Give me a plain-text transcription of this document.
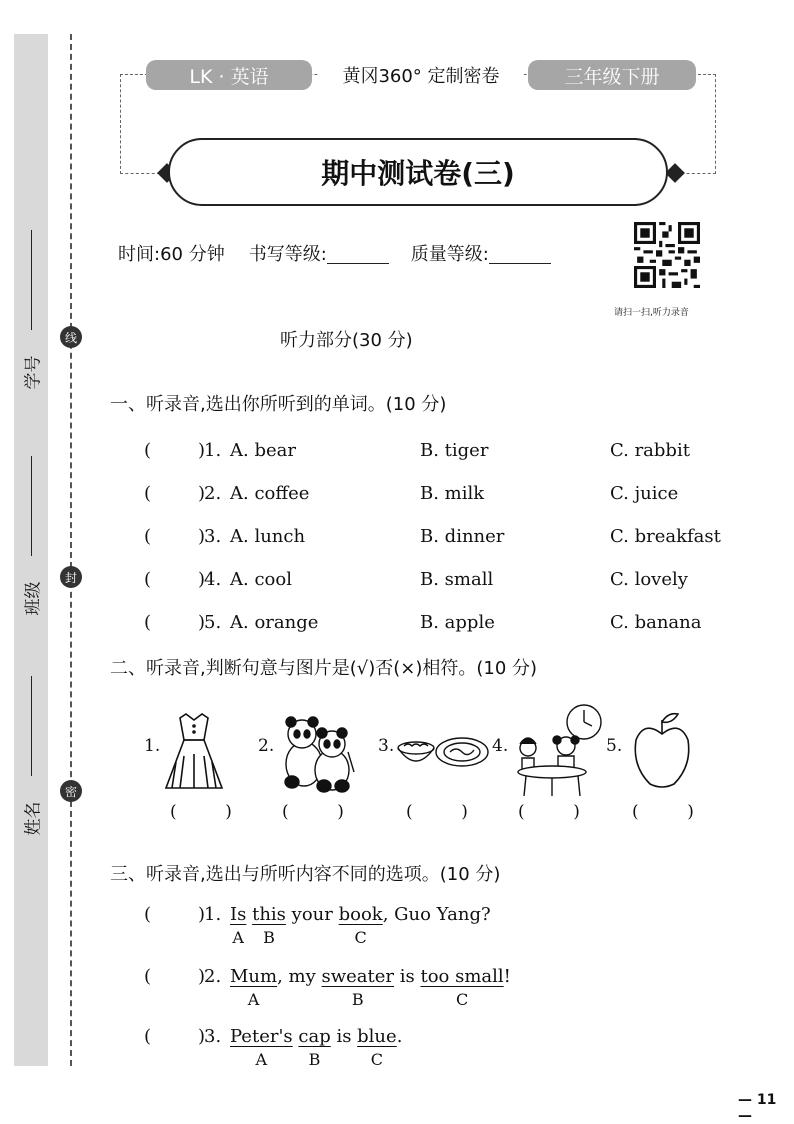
线
封
密
学号
班级
姓名
LK · 英语	黄冈360° 定制密卷	三年级下册
期中测试卷(三)
时间:60 分钟 书写等级:	质量等级:
请扫一扫,听力录音
听力部分(30 分)
一、听录音,选出你所听到的单词。(10 分)
(	)
1. A. bear	B. tiger	C. rabbit
(	)
2. A. coffee	B. milk	C. juice
(	)
3. A. lunch	B. dinner	C. breakfast
(	)
4. A. cool	B. small	C. lovely
(	)
5. A. orange	B. apple	C. banana
二、听录音,判断句意与图片是(√)否(×)相符。(10 分)
1.	2.	3.	4.	5.
(         )	(         )	(         )	(         )	(         )
三、听录音,选出与所听内容不同的选项。(10 分)
(	)
1. Is
A
this
B
your book
C
, Guo Yang?
(	)
2. Mum
A
, my sweater
B
is too small
C
!
(	)
3. Peter's
A
cap
B
is blue
C
.
— 11 —
